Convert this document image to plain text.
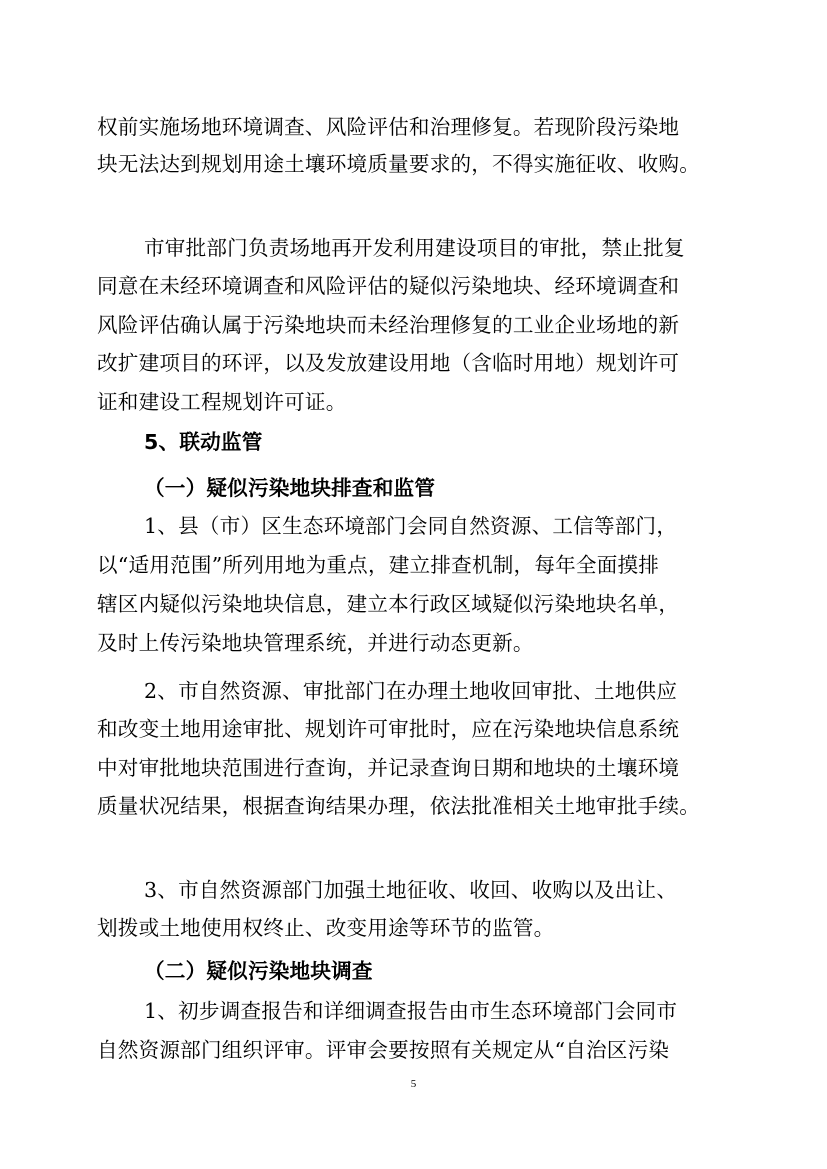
权前实施场地环境调查、风险评估和治理修复。若现阶段污染地
块无法达到规划用途土壤环境质量要求的，不得实施征收、收购。
市审批部门负责场地再开发利用建设项目的审批，禁止批复
同意在未经环境调查和风险评估的疑似污染地块、经环境调查和
风险评估确认属于污染地块而未经治理修复的工业企业场地的新
改扩建项目的环评，以及发放建设用地（含临时用地）规划许可
证和建设工程规划许可证。
5、联动监管
（一）疑似污染地块排查和监管
1、县（市）区生态环境部门会同自然资源、工信等部门，
以“适用范围”所列用地为重点，建立排查机制，每年全面摸排
辖区内疑似污染地块信息，建立本行政区域疑似污染地块名单，
及时上传污染地块管理系统，并进行动态更新。
2、市自然资源、审批部门在办理土地收回审批、土地供应
和改变土地用途审批、规划许可审批时，应在污染地块信息系统
中对审批地块范围进行查询，并记录查询日期和地块的土壤环境
质量状况结果，根据查询结果办理，依法批准相关土地审批手续。
3、市自然资源部门加强土地征收、收回、收购以及出让、
划拨或土地使用权终止、改变用途等环节的监管。
（二）疑似污染地块调查
1、初步调查报告和详细调查报告由市生态环境部门会同市
自然资源部门组织评审。评审会要按照有关规定从“自治区污染
5
